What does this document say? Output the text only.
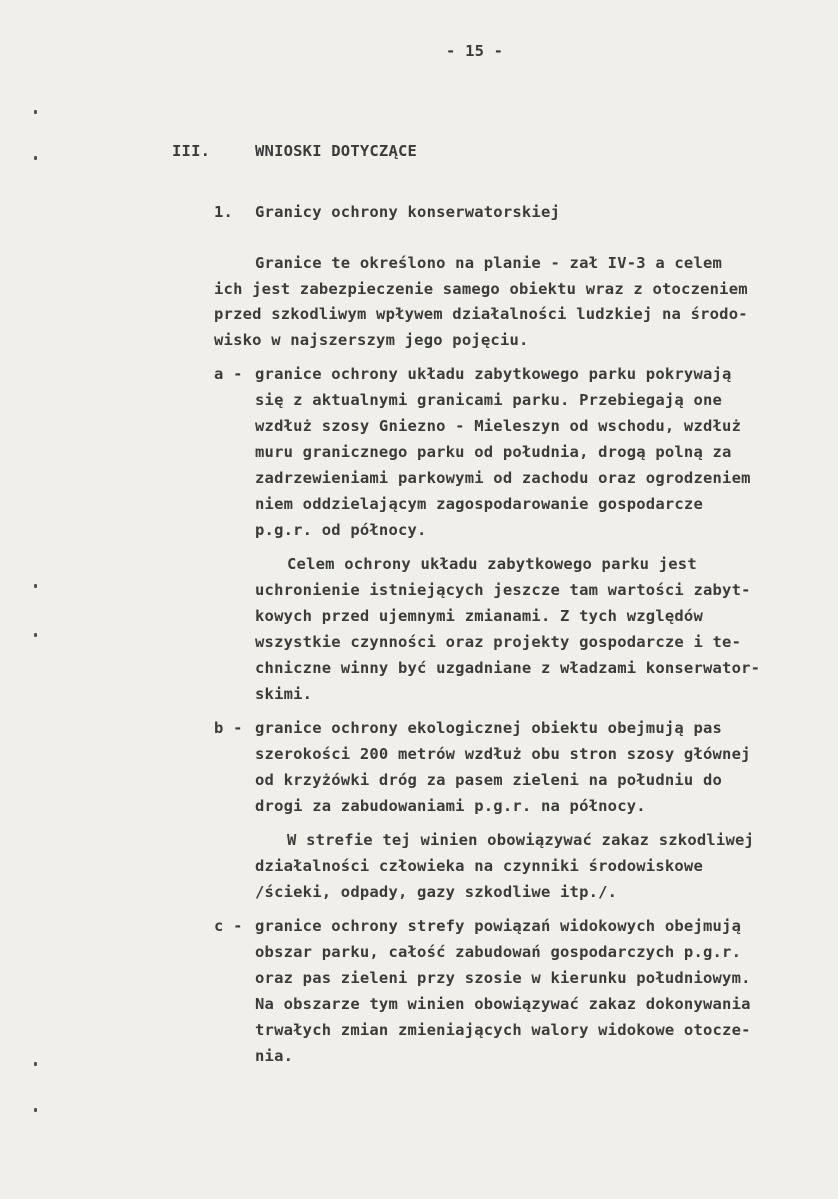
- 15 -
III.	WNIOSKI DOTYCZĄCE
1. Granicy ochrony konserwatorskiej
Granice te określono na planie - zał IV-3 a celem
ich jest zabezpieczenie samego obiektu wraz z otoczeniem
przed szkodliwym wpływem działalności ludzkiej na środo-
wisko w najszerszym jego pojęciu.
a - granice ochrony układu zabytkowego parku pokrywają
się z aktualnymi granicami parku. Przebiegają one
wzdłuż szosy Gniezno - Mieleszyn od wschodu, wzdłuż
muru granicznego parku od południa, drogą polną za
zadrzewieniami parkowymi od zachodu oraz ogrodzeniem
niem oddzielającym zagospodarowanie gospodarcze
p.g.r. od północy.
Celem ochrony układu zabytkowego parku jest
uchronienie istniejących jeszcze tam wartości zabyt-
kowych przed ujemnymi zmianami. Z tych względów
wszystkie czynności oraz projekty gospodarcze i te-
chniczne winny być uzgadniane z władzami konserwator-
skimi.
b - granice ochrony ekologicznej obiektu obejmują pas
szerokości 200 metrów wzdłuż obu stron szosy głównej
od krzyżówki dróg za pasem zieleni na południu do
drogi za zabudowaniami p.g.r. na północy.
W strefie tej winien obowiązywać zakaz szkodliwej
działalności człowieka na czynniki środowiskowe
/ścieki, odpady, gazy szkodliwe itp./.
c - granice ochrony strefy powiązań widokowych obejmują
obszar parku, całość zabudowań gospodarczych p.g.r.
oraz pas zieleni przy szosie w kierunku południowym.
Na obszarze tym winien obowiązywać zakaz dokonywania
trwałych zmian zmieniających walory widokowe otocze-
nia.
